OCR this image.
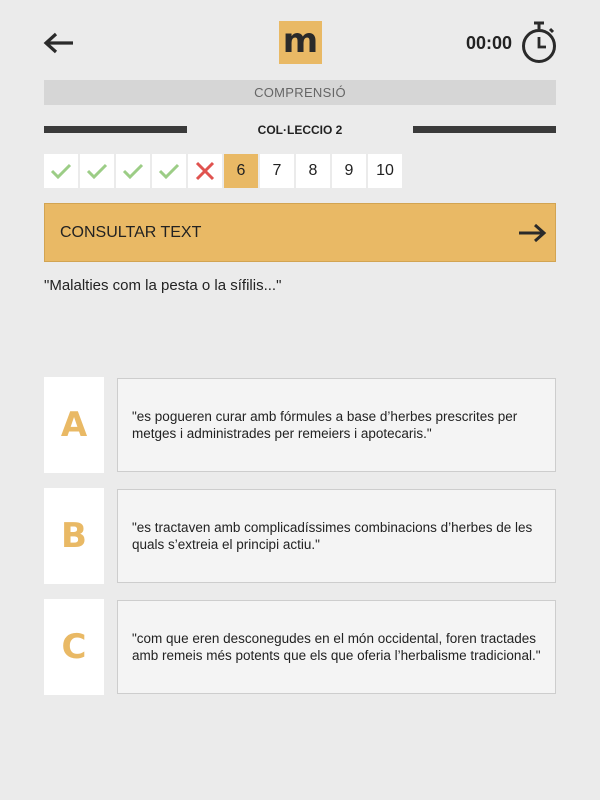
m	00:00
COMPRENSIÓ
COL·LECCIO 2
6 7 8 9 10
CONSULTAR TEXT
"Malalties com la pesta o la sífilis..."
A	"es pogueren curar amb fórmules a base d’herbes prescrites per metges i administrades per remeiers i apotecaris."
B	"es tractaven amb complicadíssimes combinacions d’herbes de les quals s’extreia el principi actiu."
C	"com que eren desconegudes en el món occidental, foren tractades amb remeis més potents que els que oferia l’herbalisme tradicional."
